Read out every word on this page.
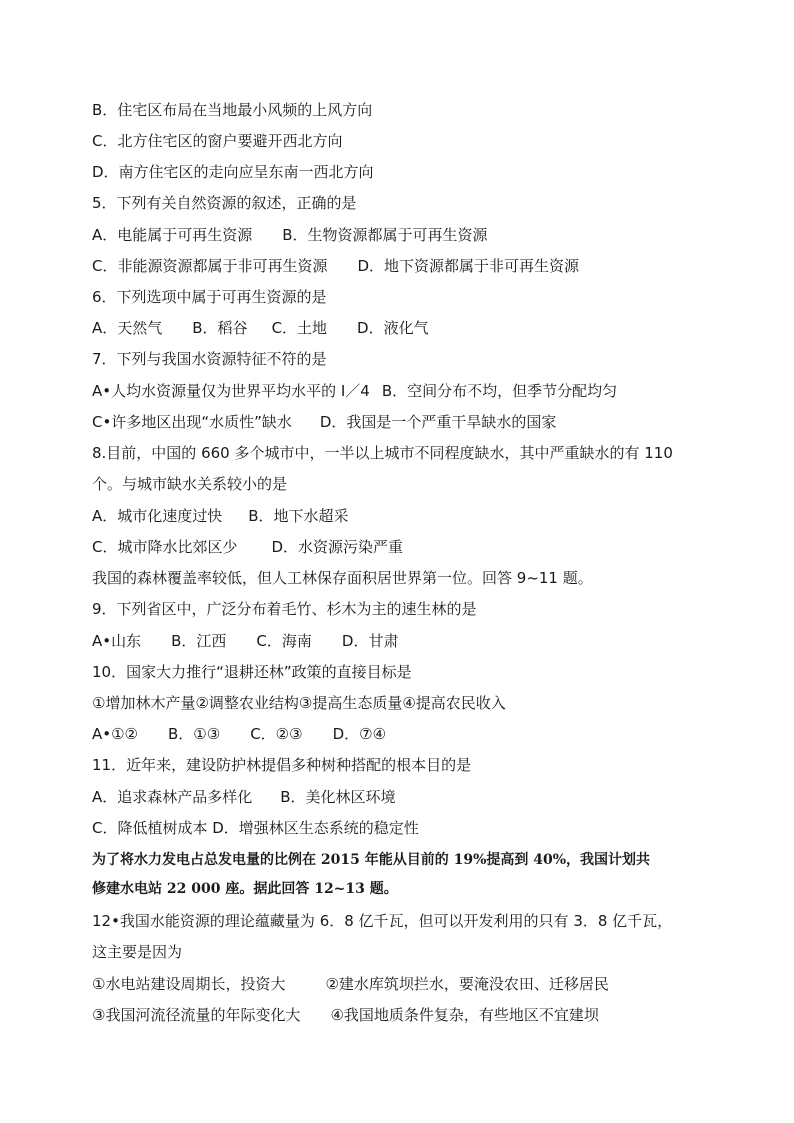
B．住宅区布局在当地最小风频的上风方向
C．北方住宅区的窗户要避开西北方向
D．南方住宅区的走向应呈东南一西北方向
5．下列有关自然资源的叙述，正确的是
A．电能属于可再生资源 B．生物资源都属于可再生资源
C．非能源资源都属于非可再生资源 D．地下资源都属于非可再生资源
6．下列选项中属于可再生资源的是
A．天然气 B．稻谷 C．土地 D．液化气
7．下列与我国水资源特征不符的是
A•人均水资源量仅为世界平均水平的 I／4 B．空间分布不均，但季节分配均匀
C•许多地区出现“水质性”缺水 D．我国是一个严重干旱缺水的国家
8.目前，中国的 660 多个城市中，一半以上城市不同程度缺水，其中严重缺水的有 110
个。与城市缺水关系较小的是
A．城市化速度过快 B．地下水超采
C．城市降水比郊区少 D．水资源污染严重
我国的森林覆盖率较低，但人工林保存面积居世界第一位。回答 9~11 题。
9．下列省区中，广泛分布着毛竹、杉木为主的速生林的是
A•山东 B．江西 C．海南 D．甘肃
10．国家大力推行“退耕还林”政策的直接目标是
①增加林木产量②调整农业结构③提高生态质量④提高农民收入
A•①② B．①③ C．②③ D．⑦④
11．近年来，建设防护林提倡多种树种搭配的根本目的是
A．追求森林产品多样化 B．美化林区环境
C．降低植树成本 D．增强林区生态系统的稳定性
为了将水力发电占总发电量的比例在 2015 年能从目前的 19%提高到 40%，我国计划共
修建水电站 22 000 座。据此回答 12~13 题。
12•我国水能资源的理论蕴藏量为 6．8 亿千瓦，但可以开发利用的只有 3．8 亿千瓦，
这主要是因为
①水电站建设周期长，投资大	②建水库筑坝拦水，要淹没农田、迁移居民
③我国河流径流量的年际变化大 ④我国地质条件复杂，有些地区不宜建坝
